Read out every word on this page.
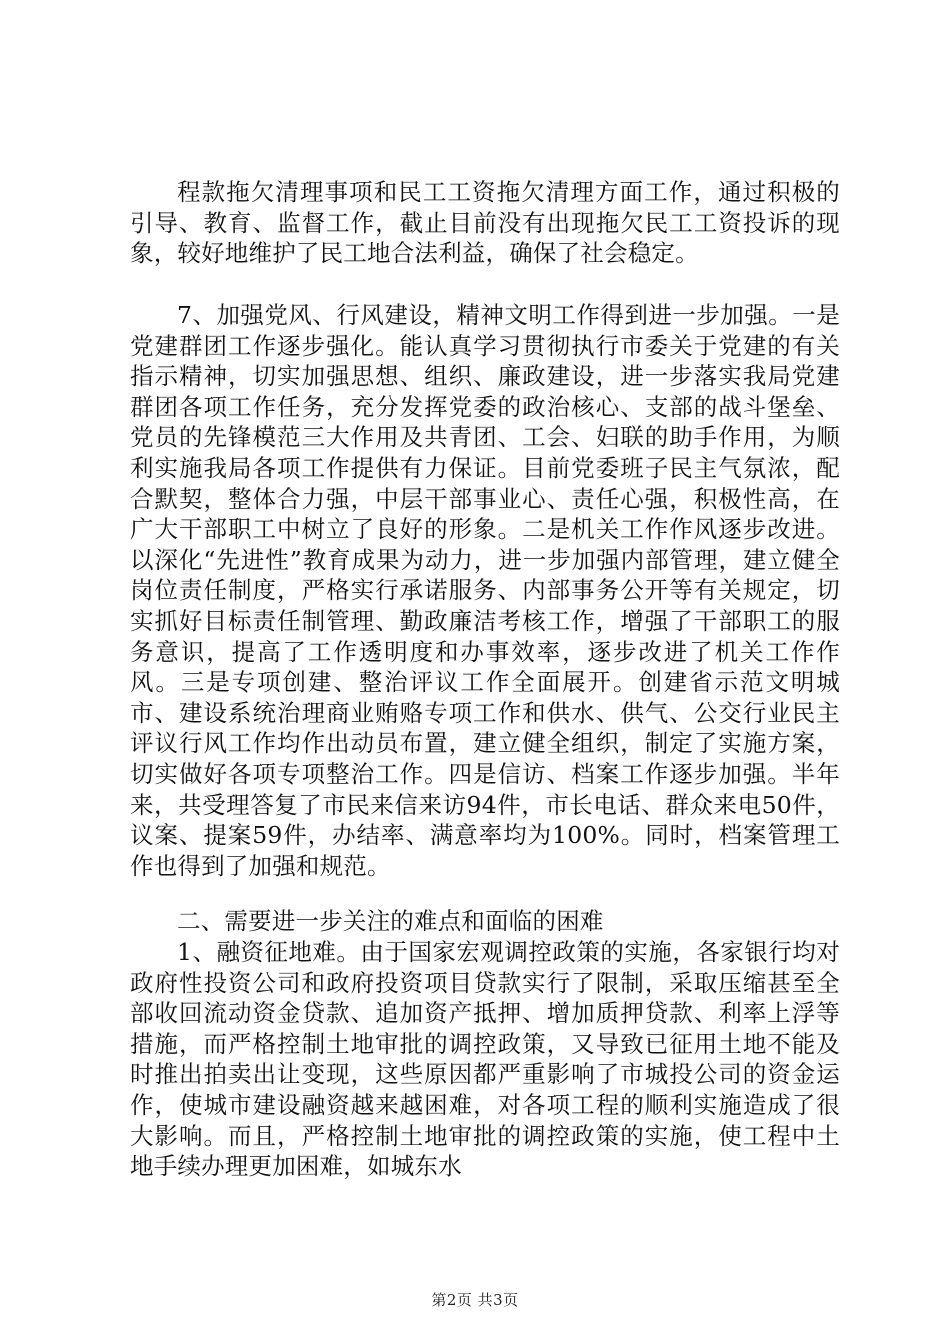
程款拖欠清理事项和民工工资拖欠清理方面工作，通过积极的引导、教育、监督工作，截止目前没有出现拖欠民工工资投诉的现象，较好地维护了民工地合法利益，确保了社会稳定。

7、加强党风、行风建设，精神文明工作得到进一步加强。一是党建群团工作逐步强化。能认真学习贯彻执行市委关于党建的有关指示精神，切实加强思想、组织、廉政建设，进一步落实我局党建群团各项工作任务，充分发挥党委的政治核心、支部的战斗堡垒、党员的先锋模范三大作用及共青团、工会、妇联的助手作用，为顺利实施我局各项工作提供有力保证。目前党委班子民主气氛浓，配合默契，整体合力强，中层干部事业心、责任心强，积极性高，在广大干部职工中树立了良好的形象。二是机关工作作风逐步改进。以深化“先进性”教育成果为动力，进一步加强内部管理，建立健全岗位责任制度，严格实行承诺服务、内部事务公开等有关规定，切实抓好目标责任制管理、勤政廉洁考核工作，增强了干部职工的服务意识，提高了工作透明度和办事效率，逐步改进了机关工作作风。三是专项创建、整治评议工作全面展开。创建省示范文明城市、建设系统治理商业贿赂专项工作和供水、供气、公交行业民主评议行风工作均作出动员布置，建立健全组织，制定了实施方案，切实做好各项专项整治工作。四是信访、档案工作逐步加强。半年来，共受理答复了市民来信来访94件，市长电话、群众来电50件，议案、提案59件，办结率、满意率均为100%。同时，档案管理工作也得到了加强和规范。

二、需要进一步关注的难点和面临的困难

1、融资征地难。由于国家宏观调控政策的实施，各家银行均对政府性投资公司和政府投资项目贷款实行了限制，采取压缩甚至全部收回流动资金贷款、追加资产抵押、增加质押贷款、利率上浮等措施，而严格控制土地审批的调控政策，又导致已征用土地不能及时推出拍卖出让变现，这些原因都严重影响了市城投公司的资金运作，使城市建设融资越来越困难，对各项工程的顺利实施造成了很大影响。而且，严格控制土地审批的调控政策的实施，使工程中土地手续办理更加困难，如城东水

第2页 共3页
